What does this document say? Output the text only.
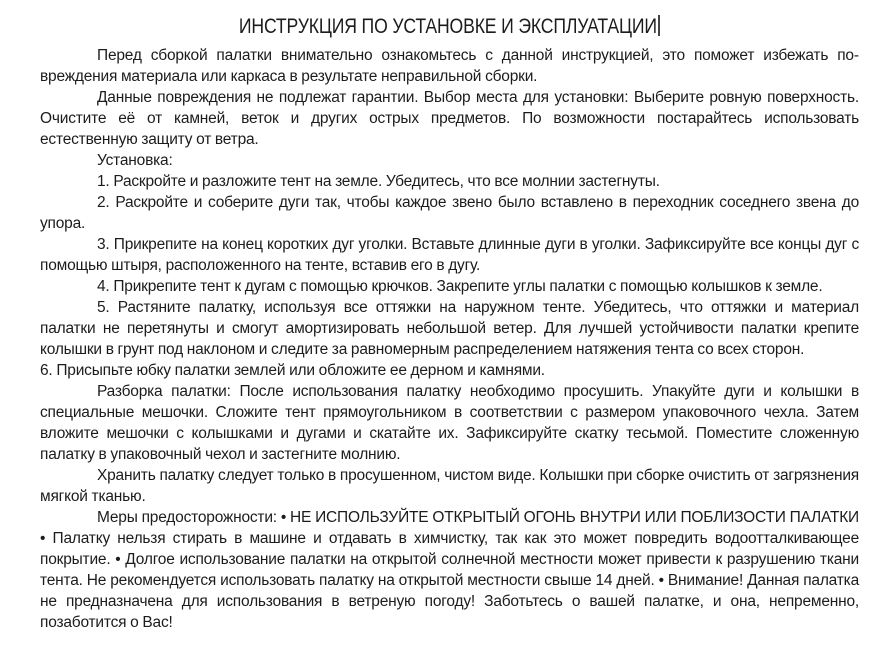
ИНСТРУКЦИЯ ПО УСТАНОВКЕ И ЭКСПЛУАТАЦИИ

Перед сборкой палатки внимательно ознакомьтесь с данной инструкцией, это поможет избежать повреждения материала или каркаса в результате неправильной сборки.

Данные повреждения не подлежат гарантии. Выбор места для установки: Выберите ровную поверхность. Очистите её от камней, веток и других острых предметов. По возможности постарайтесь использовать естественную защиту от ветра.

Установка:

1. Раскройте и разложите тент на земле. Убедитесь, что все молнии застегнуты.

2. Раскройте и соберите дуги так, чтобы каждое звено было вставлено в переходник соседнего звена до упора.

3. Прикрепите на конец коротких дуг уголки. Вставьте длинные дуги в уголки. Зафиксируйте все концы дуг с помощью штыря, расположенного на тенте, вставив его в дугу.

4. Прикрепите тент к дугам с помощью крючков. Закрепите углы палатки с помощью колышков к земле.

5. Растяните палатку, используя все оттяжки на наружном тенте. Убедитесь, что оттяжки и материал палатки не перетянуты и смогут амортизировать небольшой ветер. Для лучшей устойчивости палатки крепите колышки в грунт под наклоном и следите за равномерным распределением натяжения тента со всех сторон.

6. Присыпьте юбку палатки землей или обложите ее дерном и камнями.

Разборка палатки: После использования палатку необходимо просушить. Упакуйте дуги и колышки в специальные мешочки. Сложите тент прямоугольником в соответствии с размером упаковочного чехла. Затем вложите мешочки с колышками и дугами и скатайте их. Зафиксируйте скатку тесьмой. Поместите сложенную палатку в упаковочный чехол и застегните молнию.

Хранить палатку следует только в просушенном, чистом виде. Колышки при сборке очистить от загрязнения мягкой тканью.

Меры предосторожности: • НЕ ИСПОЛЬЗУЙТЕ ОТКРЫТЫЙ ОГОНЬ ВНУТРИ ИЛИ ПОБЛИЗОСТИ ПАЛАТКИ • Палатку нельзя стирать в машине и отдавать в химчистку, так как это может повредить водоотталкивающее покрытие. • Долгое использование палатки на открытой солнечной местности может привести к разрушению ткани тента. Не рекомендуется использовать палатку на открытой местности свыше 14 дней. • Внимание! Данная палатка не предназначена для использования в ветреную погоду! Заботьтесь о вашей палатке, и она, непременно, позаботится о Вас!
